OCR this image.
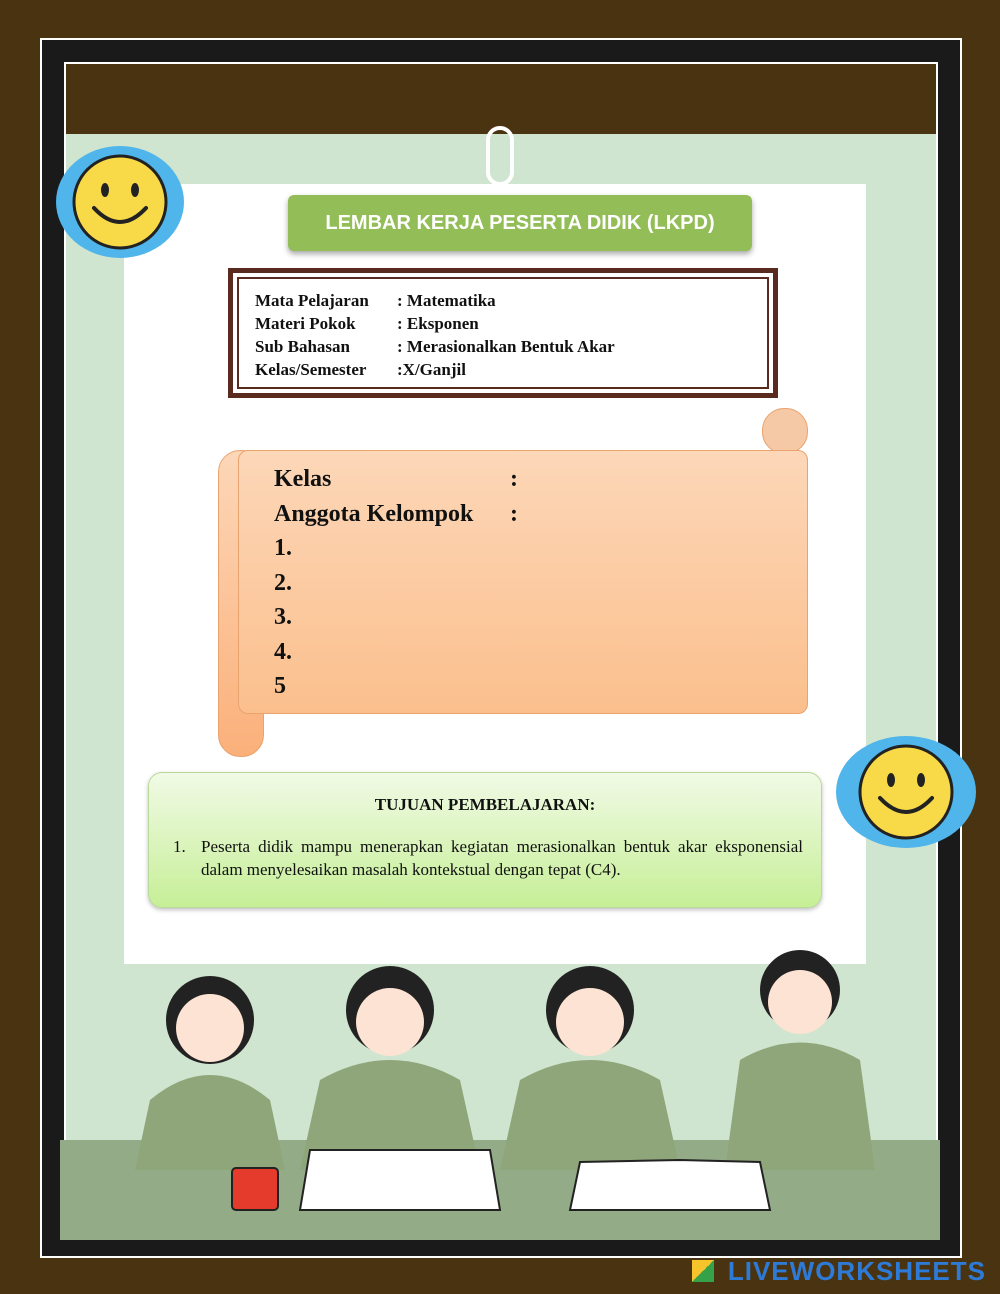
LEMBAR KERJA PESERTA DIDIK (LKPD)
Mata Pelajaran	: Matematika
Materi Pokok	: Eksponen
Sub Bahasan	: Merasionalkan Bentuk Akar
Kelas/Semester	:X/Ganjil
Kelas	:
Anggota Kelompok	:
1.
2.
3.
4.
5
TUJUAN PEMBELAJARAN:
1. Peserta didik mampu menerapkan kegiatan merasionalkan bentuk akar eksponensial dalam menyelesaikan masalah kontekstual dengan tepat (C4).
LIVEWORKSHEETS
